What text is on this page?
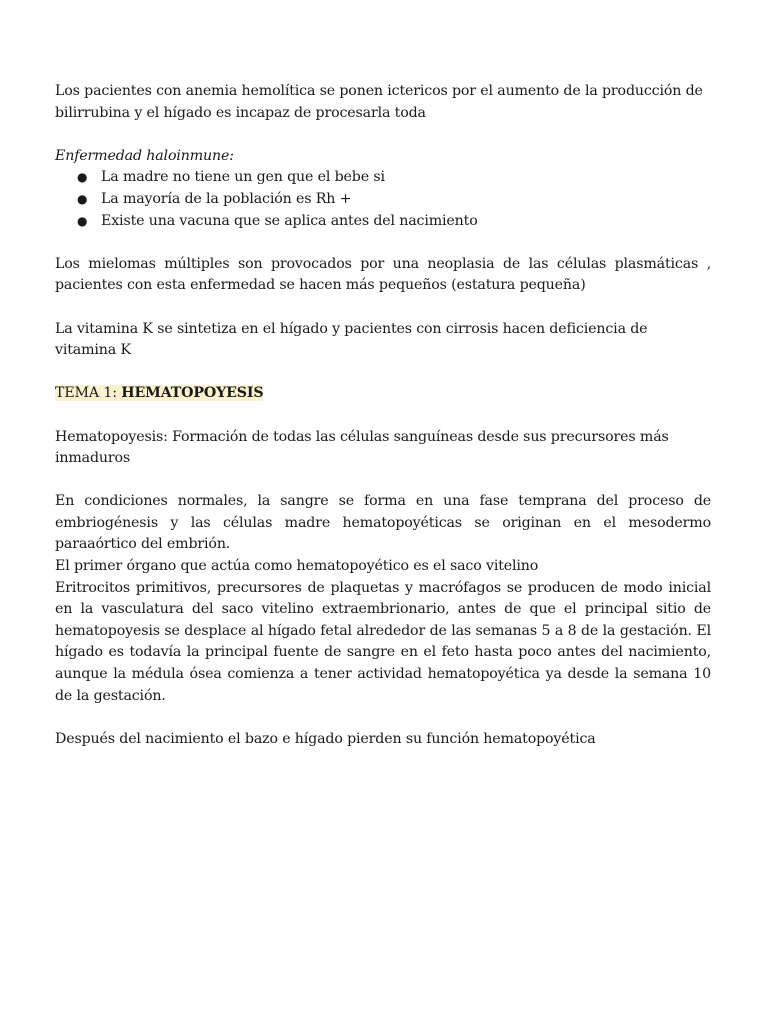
Los pacientes con anemia hemolítica se ponen ictericos por el aumento de la producción de bilirrubina y el hígado es incapaz de procesarla toda

Enfermedad haloinmune:

● La madre no tiene un gen que el bebe si
● La mayoría de la población es Rh +
● Existe una vacuna que se aplica antes del nacimiento

Los mielomas múltiples son provocados por una neoplasia de las células plasmáticas , pacientes con esta enfermedad se hacen más pequeños (estatura pequeña)

La vitamina K se sintetiza en el hígado y pacientes con cirrosis hacen deficiencia de vitamina K

TEMA 1: HEMATOPOYESIS

Hematopoyesis: Formación de todas las células sanguíneas desde sus precursores más inmaduros

En condiciones normales, la sangre se forma en una fase temprana del proceso de embriogénesis y las células madre hematopoyéticas se originan en el mesodermo paraaórtico del embrión.

El primer órgano que actúa como hematopoyético es el saco vitelino

Eritrocitos primitivos, precursores de plaquetas y macrófagos se producen de modo inicial en la vasculatura del saco vitelino extraembrionario, antes de que el principal sitio de hematopoyesis se desplace al hígado fetal alrededor de las semanas 5 a 8 de la gestación. El hígado es todavía la principal fuente de sangre en el feto hasta poco antes del nacimiento, aunque la médula ósea comienza a tener actividad hematopoyética ya desde la semana 10 de la gestación.

Después del nacimiento el bazo e hígado pierden su función hematopoyética
